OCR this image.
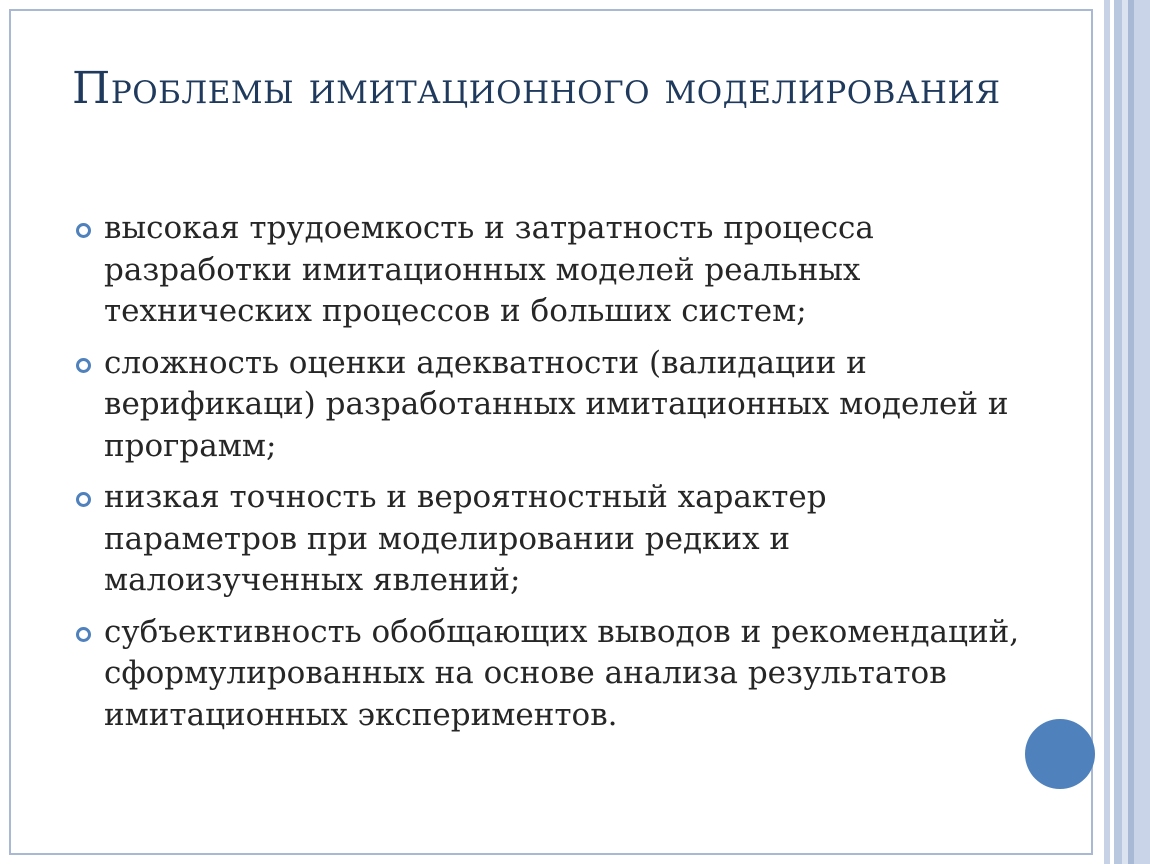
Проблемы имитационного моделирования
высокая трудоемкость и затратность процесса разработки имитационных моделей реальных технических процессов и больших систем;
сложность оценки адекватности (валидации и верификаци) разработанных имитационных моделей и программ;
низкая точность и вероятностный характер параметров при моделировании редких и малоизученных явлений;
субъективность обобщающих выводов и рекомендаций, сформулированных на основе анализа результатов имитационных экспериментов.
